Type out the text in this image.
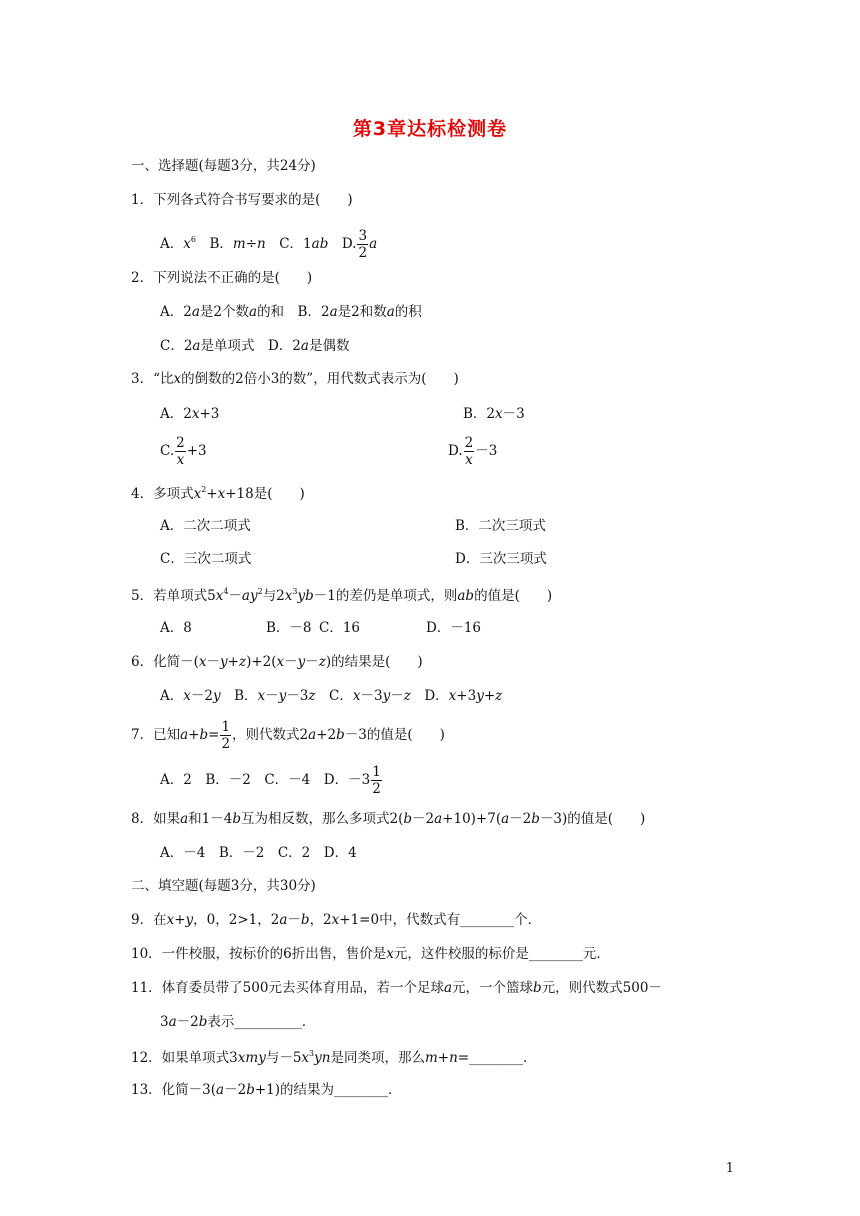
第3章达标检测卷
一、选择题(每题3分，共24分)
1．下列各式符合书写要求的是(　　)
A．$x^6$　B．m÷n　C．1ab　D. $\frac{3}{2}$ a
2．下列说法不正确的是(　　)
A．2a是2个数a的和　B．2a是2和数a的积
C．2a是单项式　D．2a是偶数
3．“比x的倒数的2倍小3的数”，用代数式表示为(　　)
A．2x+3	B．2x－3
C. $\frac{2}{x} +3$	D. $\frac{2}{x} -3$
4．多项式$x^2+x+18$是(　　)
A．二次二项式	B．二次三项式
C．三次二项式	D．三次三项式
5．若单项式$5x^4-ay^2$与$2x^3yb-1$的差仍是单项式，则ab的值是(　　)
A．8	B．－8 C．16	D．－16
6．化简－(x－y+z)+2(x－y－z)的结果是(　　)
A．x－2y　B．x－y－3z　C．x－3y－z　D．x+3y+z
7．已知$a+b= \frac{1}{2}$ ，则代数式2a+2b－3的值是(　　)
A．2　B．－2　C．－4　D．$-3 \frac{1}{2}$
8．如果a和1－4b互为相反数，那么多项式2(b－2a+10)+7(a－2b－3)的值是(　　)
A．－4　B．－2　C．2　D．4
二、填空题(每题3分，共30分)
9．在x+y，0，2>1，2a－b，2x+1=0中，代数式有________个．
10．一件校服，按标价的6折出售，售价是x元，这件校服的标价是________元．
11．体育委员带了500元去买体育用品，若一个足球a元，一个篮球b元，则代数式500－
3a－2b表示__________．
12．如果单项式3xmy与$-5x^3yn$是同类项，那么m+n=________．
13．化简－3(a－2b+1)的结果为________．
1
